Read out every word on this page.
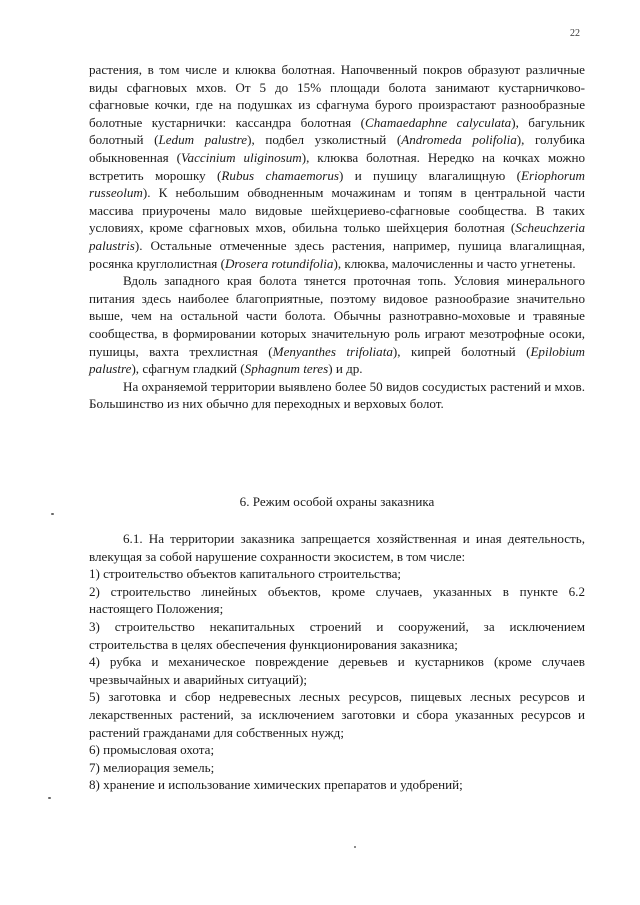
22

растения, в том числе и клюква болотная. Напочвенный покров образуют различные виды сфагновых мхов. От 5 до 15% площади болота занимают кустарничково-сфагновые кочки, где на подушках из сфагнума бурого произрастают разнообразные болотные кустарнички: кассандра болотная (Chamaedaphne calyculata), багульник болотный (Ledum palustre), подбел узколистный (Andromeda polifolia), голубика обыкновенная (Vaccinium uliginosum), клюква болотная. Нередко на кочках можно встретить морошку (Rubus chamaemorus) и пушицу влагалищную (Eriophorum russeolum). К небольшим обводненным мочажинам и топям в центральной части массива приурочены мало видовые шейхцериево-сфагновые сообщества. В таких условиях, кроме сфагновых мхов, обильна только шейхцерия болотная (Scheuchzeria palustris). Остальные отмеченные здесь растения, например, пушица влагалищная, росянка круглолистная (Drosera rotundifolia), клюква, малочисленны и часто угнетены.

Вдоль западного края болота тянется проточная топь. Условия минерального питания здесь наиболее благоприятные, поэтому видовое разнообразие значительно выше, чем на остальной части болота. Обычны разнотравно-моховые и травяные сообщества, в формировании которых значительную роль играют мезотрофные осоки, пушицы, вахта трехлистная (Menyanthes trifoliata), кипрей болотный (Epilobium palustre), сфагнум гладкий (Sphagnum teres) и др.

На охраняемой территории выявлено более 50 видов сосудистых растений и мхов. Большинство из них обычно для переходных и верховых болот.

6. Режим особой охраны заказника

6.1. На территории заказника запрещается хозяйственная и иная деятельность, влекущая за собой нарушение сохранности экосистем, в том числе:

1) строительство объектов капитального строительства;

2) строительство линейных объектов, кроме случаев, указанных в пункте 6.2 настоящего Положения;

3) строительство некапитальных строений и сооружений, за исключением строительства в целях обеспечения функционирования заказника;

4) рубка и механическое повреждение деревьев и кустарников (кроме случаев чрезвычайных и аварийных ситуаций);

5) заготовка и сбор недревесных лесных ресурсов, пищевых лесных ресурсов и лекарственных растений, за исключением заготовки и сбора указанных ресурсов и растений гражданами для собственных нужд;

6) промысловая охота;

7) мелиорация земель;

8) хранение и использование химических препаратов и удобрений;
